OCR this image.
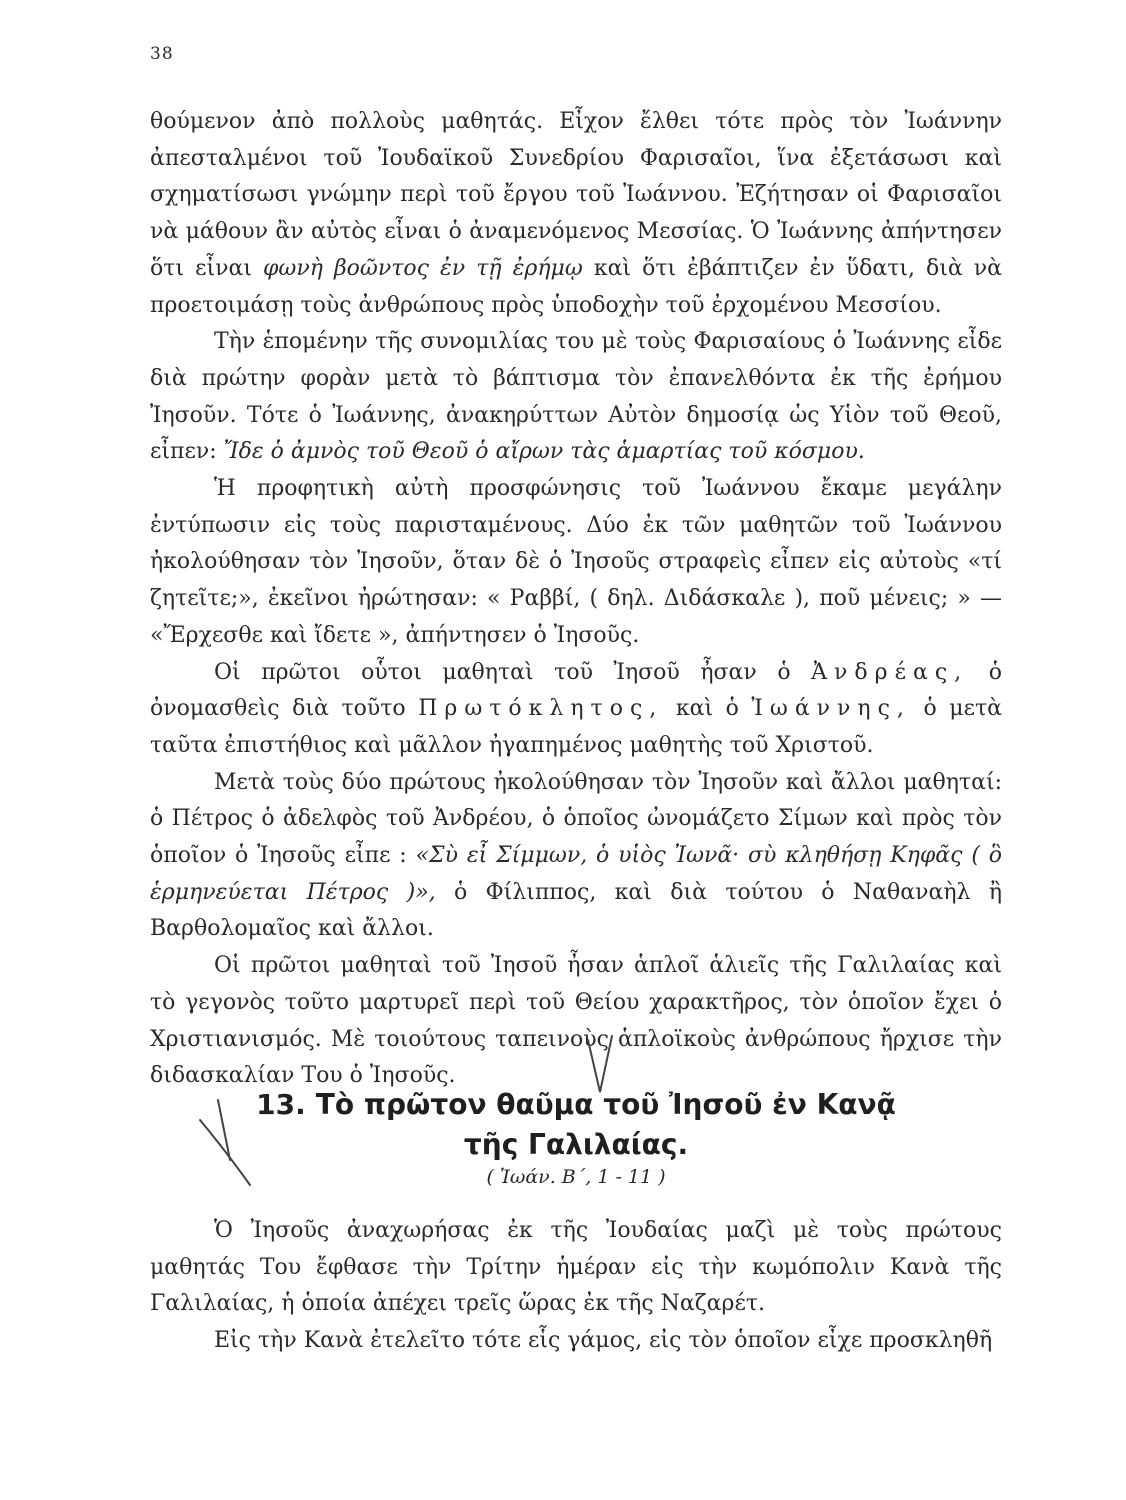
38

θούμενον ἀπὸ πολλοὺς μαθητάς. Εἶχον ἔλθει τότε πρὸς τὸν Ἰωάννην ἀπεσταλμένοι τοῦ Ἰουδαϊκοῦ Συνεδρίου Φαρισαῖοι, ἵνα ἐξετάσωσι καὶ σχηματίσωσι γνώμην περὶ τοῦ ἔργου τοῦ Ἰωάννου. Ἐζήτησαν οἱ Φαρισαῖοι νὰ μάθουν ἂν αὐτὸς εἶναι ὁ ἀναμενόμενος Μεσσίας. Ὁ Ἰωάννης ἀπήντησεν ὅτι εἶναι φωνὴ βοῶντος ἐν τῇ ἐρήμῳ καὶ ὅτι ἐβάπτιζεν ἐν ὕδατι, διὰ νὰ προετοιμάσῃ τοὺς ἀνθρώπους πρὸς ὑποδοχὴν τοῦ ἐρχομένου Μεσσίου.

Τὴν ἑπομένην τῆς συνομιλίας του μὲ τοὺς Φαρισαίους ὁ Ἰωάννης εἶδε διὰ πρώτην φορὰν μετὰ τὸ βάπτισμα τὸν ἐπανελθόντα ἐκ τῆς ἐρήμου Ἰησοῦν. Τότε ὁ Ἰωάννης, ἀνακηρύττων Αὐτὸν δημοσίᾳ ὡς Υἱὸν τοῦ Θεοῦ, εἶπεν: Ἴδε ὁ ἀμνὸς τοῦ Θεοῦ ὁ αἴρων τὰς ἁμαρτίας τοῦ κόσμου.

Ἡ προφητικὴ αὐτὴ προσφώνησις τοῦ Ἰωάννου ἔκαμε μεγάλην ἐντύπωσιν εἰς τοὺς παρισταμένους. Δύο ἐκ τῶν μαθητῶν τοῦ Ἰωάννου ἠκολούθησαν τὸν Ἰησοῦν, ὅταν δὲ ὁ Ἰησοῦς στραφεὶς εἶπεν εἰς αὐτοὺς «τί ζητεῖτε;», ἐκεῖνοι ἠρώτησαν: « Ραββί, ( δηλ. Διδάσκαλε ), ποῦ μένεις; » — «Ἔρχεσθε καὶ ἴδετε », ἀπήντησεν ὁ Ἰησοῦς.

Οἱ πρῶτοι οὗτοι μαθηταὶ τοῦ Ἰησοῦ ἦσαν ὁ Ἀνδρέας, ὁ ὀνομασθεὶς διὰ τοῦτο Πρωτόκλητος, καὶ ὁ Ἰωάννης, ὁ μετὰ ταῦτα ἐπιστήθιος καὶ μᾶλλον ἠγαπημένος μαθητὴς τοῦ Χριστοῦ.

Μετὰ τοὺς δύο πρώτους ἠκολούθησαν τὸν Ἰησοῦν καὶ ἄλλοι μαθηταί: ὁ Πέτρος ὁ ἀδελφὸς τοῦ Ἀνδρέου, ὁ ὁποῖος ὠνομάζετο Σίμων καὶ πρὸς τὸν ὁποῖον ὁ Ἰησοῦς εἶπε : «Σὺ εἶ Σίμμων, ὁ υἱὸς Ἰωνᾶ· σὺ κληθήσῃ Κηφᾶς ( ὃ ἑρμηνεύεται Πέτρος )», ὁ Φίλιππος, καὶ διὰ τούτου ὁ Ναθαναὴλ ἢ Βαρθολομαῖος καὶ ἄλλοι.

Οἱ πρῶτοι μαθηταὶ τοῦ Ἰησοῦ ἦσαν ἁπλοῖ ἁλιεῖς τῆς Γαλιλαίας καὶ τὸ γεγονὸς τοῦτο μαρτυρεῖ περὶ τοῦ Θείου χαρακτῆρος, τὸν ὁποῖον ἔχει ὁ Χριστιανισμός. Μὲ τοιούτους ταπεινοὺς ἁπλοϊκοὺς ἀνθρώπους ἤρχισε τὴν διδασκαλίαν Του ὁ Ἰησοῦς.

13. Τὸ πρῶτον θαῦμα τοῦ Ἰησοῦ ἐν Κανᾷ
τῆς Γαλιλαίας.
( Ἰωάν. Β΄, 1 - 11 )

Ὁ Ἰησοῦς ἀναχωρήσας ἐκ τῆς Ἰουδαίας μαζὶ μὲ τοὺς πρώτους μαθητάς Του ἔφθασε τὴν Τρίτην ἡμέραν εἰς τὴν κωμόπολιν Κανὰ τῆς Γαλιλαίας, ἡ ὁποία ἀπέχει τρεῖς ὥρας ἐκ τῆς Ναζαρέτ.

Εἰς τὴν Κανὰ ἐτελεῖτο τότε εἷς γάμος, εἰς τὸν ὁποῖον εἶχε προσκληθῆ
